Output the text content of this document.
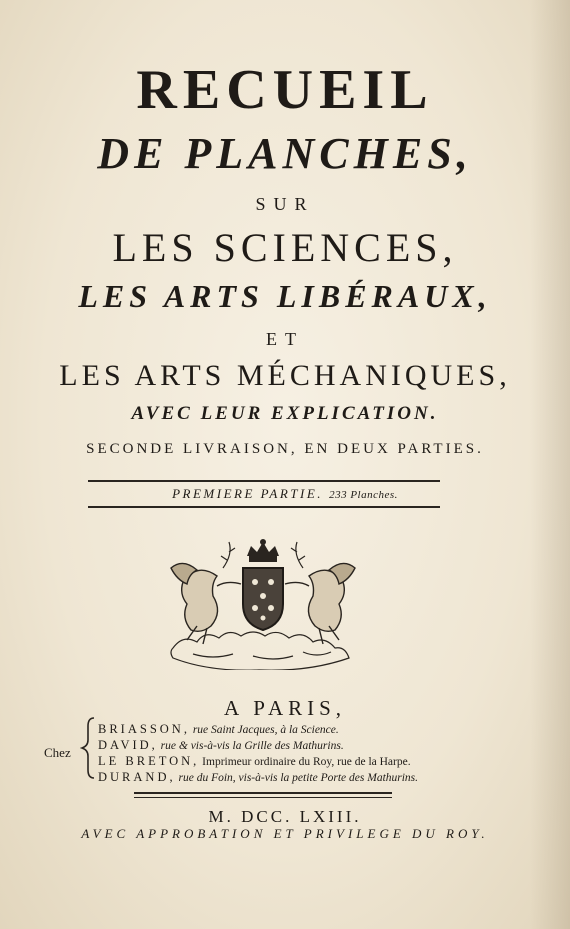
RECUEIL
DE PLANCHES,
SUR
LES SCIENCES,
LES ARTS LIBÉRAUX,
ET
LES ARTS MÉCHANIQUES,
AVEC LEUR EXPLICATION.
SECONDE LIVRAISON, EN DEUX PARTIES.
PREMIERE PARTIE. 233 Planches.
A PARIS,
Chez
BRIASSON, rue Saint Jacques, à la Science.
DAVID, rue & vis-à-vis la Grille des Mathurins.
LE BRETON, Imprimeur ordinaire du Roy, rue de la Harpe.
DURAND, rue du Foin, vis-à-vis la petite Porte des Mathurins.
M. DCC. LXIII.
AVEC APPROBATION ET PRIVILEGE DU ROY.
